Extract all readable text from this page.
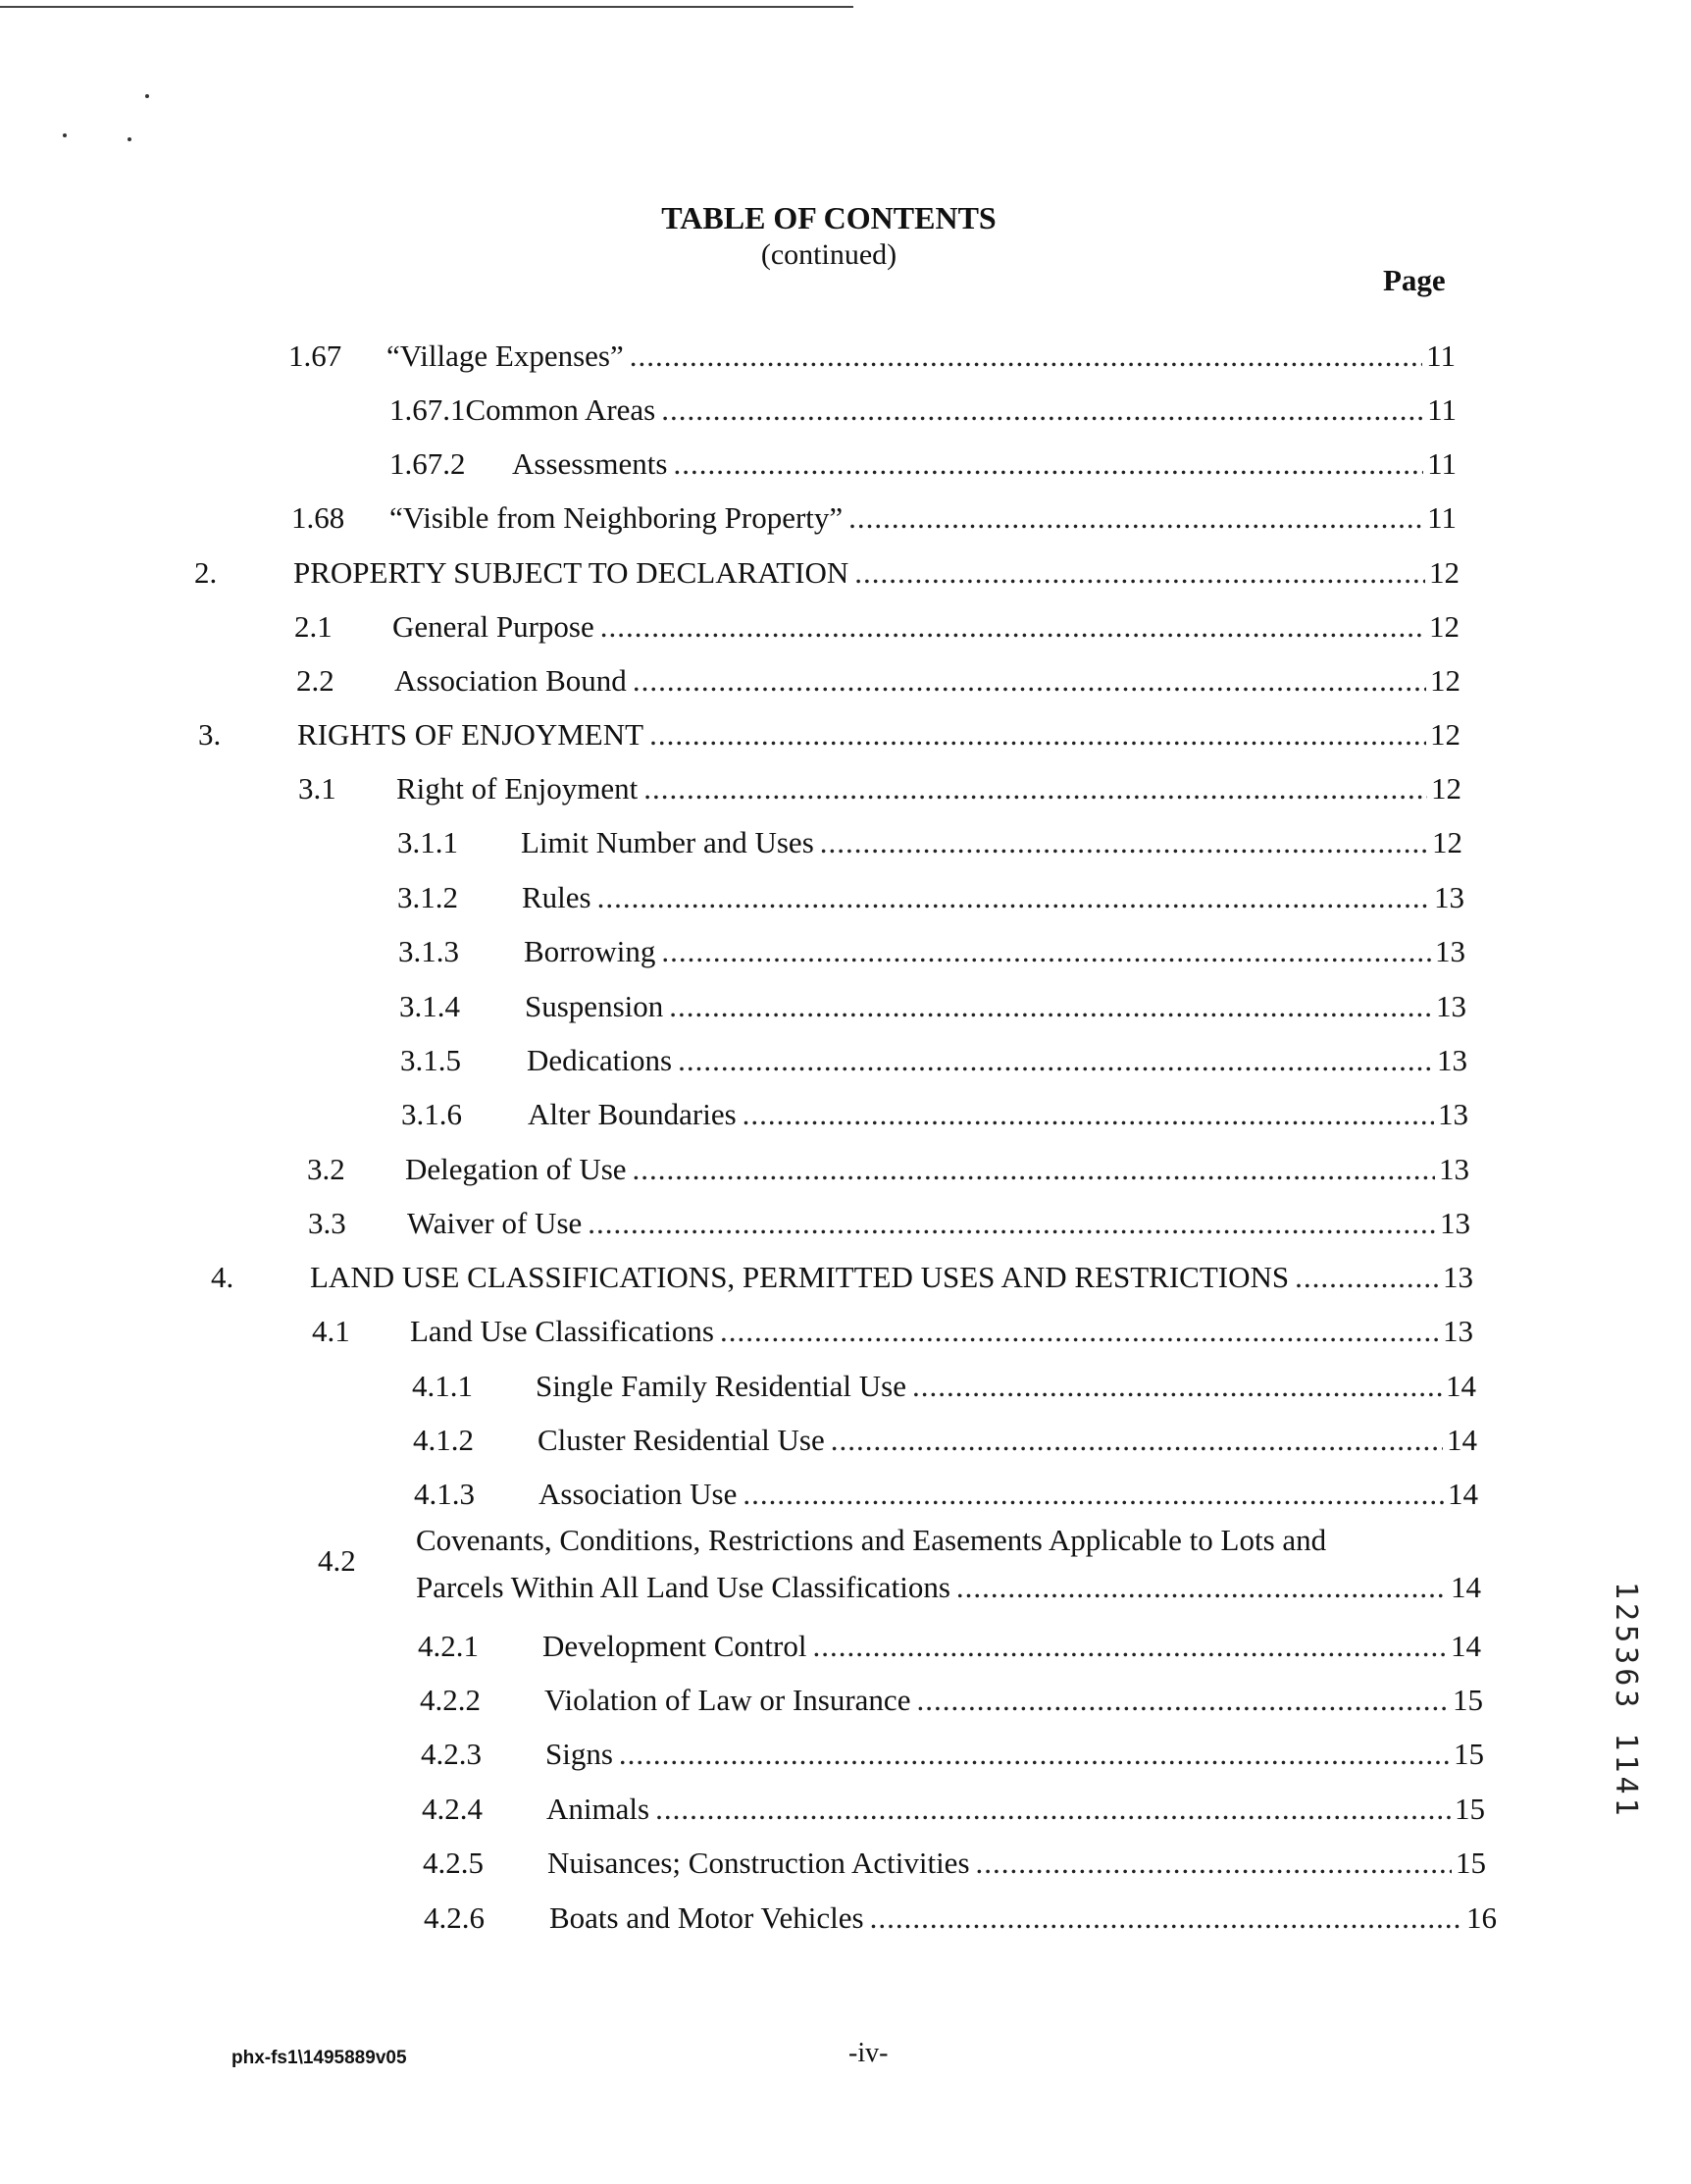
TABLE OF CONTENTS
(continued)
Page
1.67	“Village Expenses” .....	11
1.67.1 Common Areas .....	11
1.67.2	Assessments .....	11
1.68	“Visible from Neighboring Property” .....	11
2.	PROPERTY SUBJECT TO DECLARATION .....	12
2.1	General Purpose .....	12
2.2	Association Bound .....	12
3.	RIGHTS OF ENJOYMENT .....	12
3.1	Right of Enjoyment .....	12
3.1.1	Limit Number and Uses .....	12
3.1.2	Rules .....	13
3.1.3	Borrowing .....	13
3.1.4	Suspension .....	13
3.1.5	Dedications .....	13
3.1.6	Alter Boundaries .....	13
3.2	Delegation of Use .....	13
3.3	Waiver of Use .....	13
4.	LAND USE CLASSIFICATIONS, PERMITTED USES AND RESTRICTIONS .....	13
4.1	Land Use Classifications .....	13
4.1.1	Single Family Residential Use .....	14
4.1.2	Cluster Residential Use .....	14
4.1.3	Association Use .....	14
4.2
Covenants, Conditions, Restrictions and Easements Applicable to Lots and
Parcels Within All Land Use Classifications .....	14
4.2.1	Development Control .....	14
4.2.2	Violation of Law or Insurance .....	15
4.2.3	Signs .....	15
4.2.4	Animals .....	15
4.2.5	Nuisances; Construction Activities .....	15
4.2.6	Boats and Motor Vehicles .....	16
phx-fs1\1495889v05	-iv-
125363 1141
